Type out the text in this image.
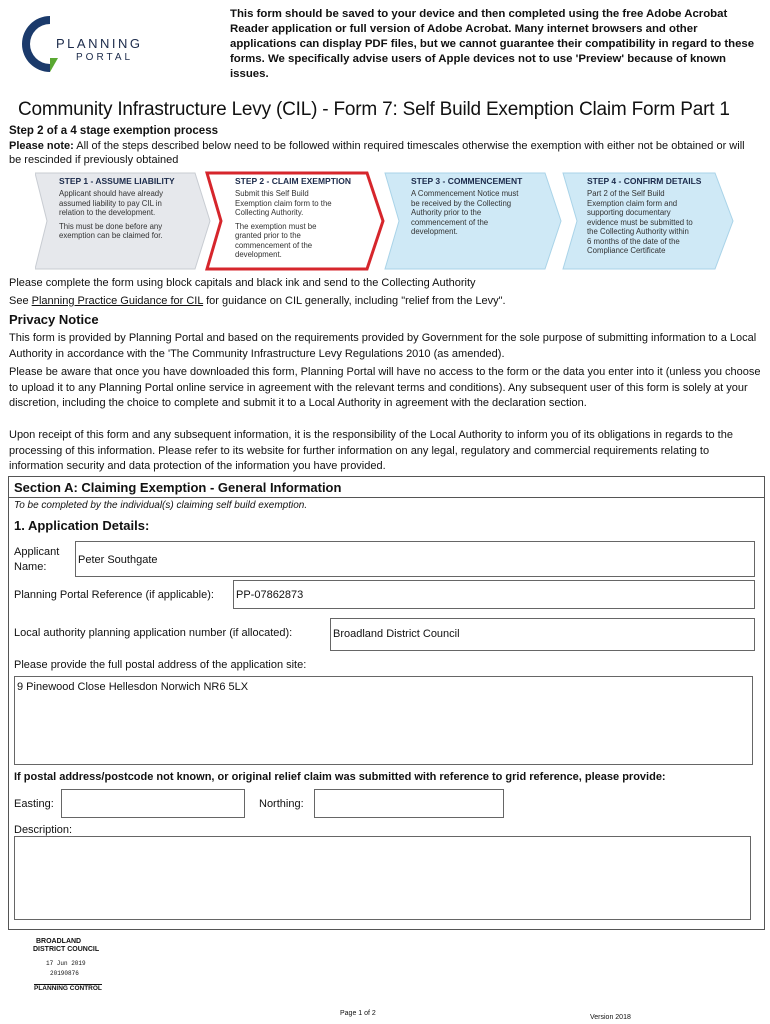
PLANNING
PORTAL
This form should be saved to your device and then completed using the free Adobe Acrobat Reader application or full version of Adobe Acrobat. Many internet browsers and other applications can display PDF files, but we cannot guarantee their compatibility in regard to these forms. We specifically advise users of Apple devices not to use 'Preview' because of known issues.
Community Infrastructure Levy (CIL) - Form 7: Self Build Exemption Claim Form Part 1
Step 2 of a 4 stage exemption process
Please note: All of the steps described below need to be followed within required timescales otherwise the exemption with either not be obtained or will be rescinded if previously obtained
STEP 1 - ASSUME LIABILITY
Applicant should have already
assumed liability to pay CIL in
relation to the development.
This must be done before any
exemption can be claimed for.
STEP 2 - CLAIM EXEMPTION
Submit this Self Build
Exemption claim form to the
Collecting Authority.
The exemption must be
granted prior to the
commencement of the
development.
STEP 3 - COMMENCEMENT
A Commencement Notice must
be received by the Collecting
Authority prior to the
commencement of the
development.
STEP 4 - CONFIRM DETAILS
Part 2 of the Self Build
Exemption claim form and
supporting documentary
evidence must be submitted to
the Collecting Authority within
6 months of the date of the
Compliance Certificate
Please complete the form using block capitals and black ink and send to the Collecting Authority
See Planning Practice Guidance for CIL for guidance on CIL generally, including "relief from the Levy".
Privacy Notice
This form is provided by Planning Portal and based on the requirements provided by Government for the sole purpose of submitting information to a Local Authority in accordance with the 'The Community Infrastructure Levy Regulations 2010 (as amended).
Please be aware that once you have downloaded this form, Planning Portal will have no access to the form or the data you enter into it (unless you choose to upload it to any Planning Portal online service in agreement with the relevant terms and conditions). Any subsequent user of this form is solely at your discretion, including the choice to complete and submit it to a Local Authority in agreement with the declaration section.
Upon receipt of this form and any subsequent information, it is the responsibility of the Local Authority to inform you of its obligations in regards to the processing of this information. Please refer to its website for further information on any legal, regulatory and commercial requirements relating to information security and data protection of the information you have provided.
Section A: Claiming Exemption - General Information
To be completed by the individual(s) claiming self build exemption.
1. Application Details:
Applicant
Name:
Peter Southgate
Planning Portal Reference (if applicable): PP-07862873
Local authority planning application number (if allocated):	Broadland District Council
Please provide the full postal address of the application site:
9 Pinewood Close Hellesdon Norwich NR6 5LX
If postal address/postcode not known, or original relief claim was submitted with reference to grid reference, please provide:
Easting:	Northing:
Description:
BROADLAND
DISTRICT COUNCIL
17 Jun 2019
20190876
PLANNING CONTROL
Page 1 of 2
Version 2018
